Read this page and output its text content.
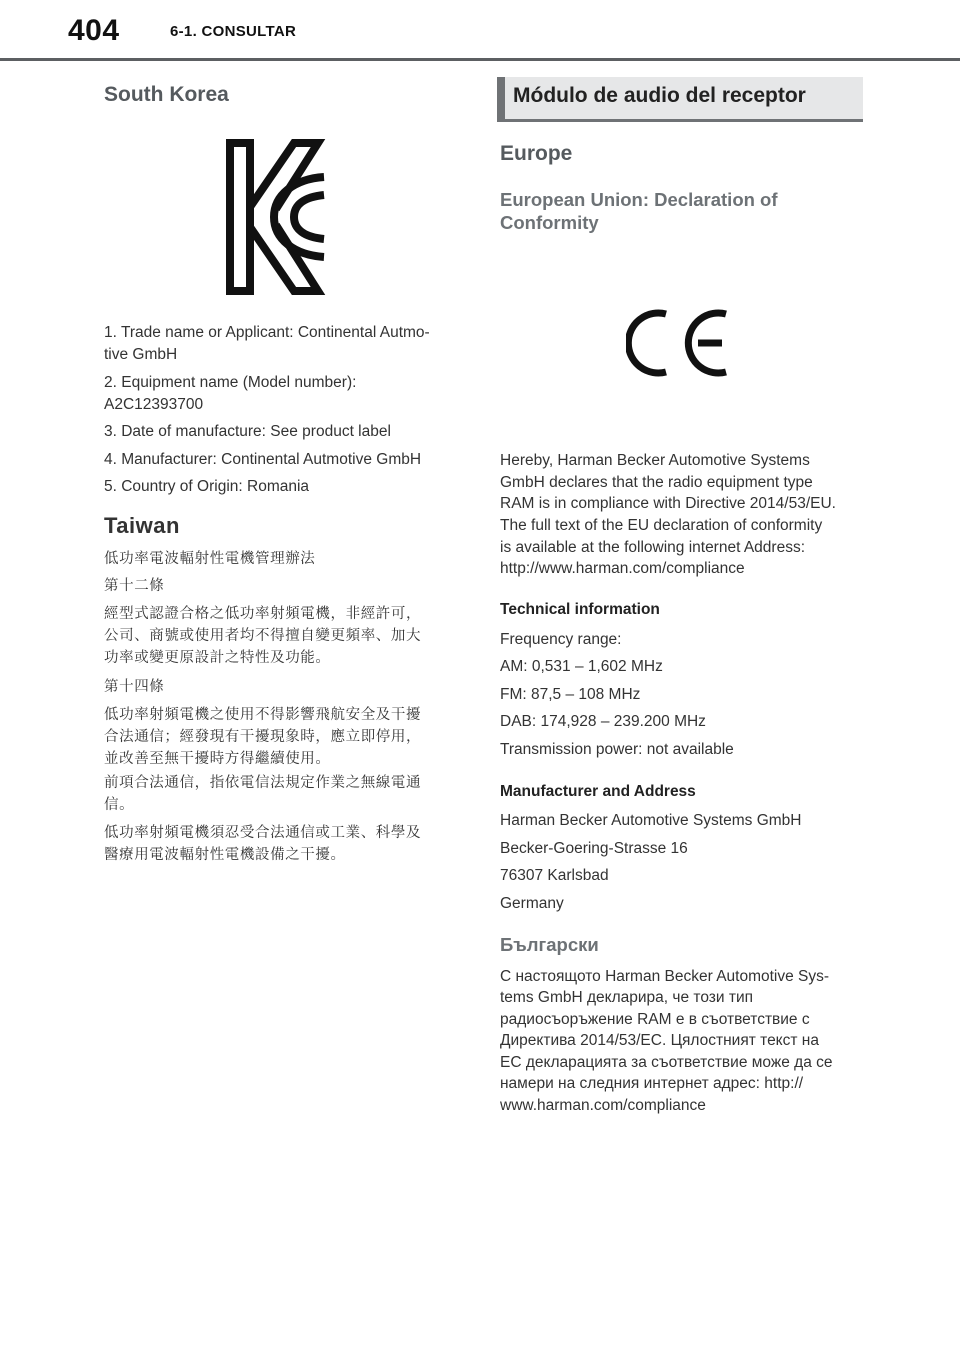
404	6-1. CONSULTAR
South Korea

1. Trade name or Applicant: Continental Autmo-

tive GmbH

2. Equipment name (Model number):

A2C12393700

3. Date of manufacture: See product label

4. Manufacturer: Continental Autmotive GmbH

5. Country of Origin: Romania

Taiwan

低功率電波輻射性電機管理辦法

第十二條

經型式認證合格之低功率射頻電機，非經許可，

公司、商號或使用者均不得擅自變更頻率、加大

功率或變更原設計之特性及功能。

第十四條

低功率射頻電機之使用不得影響飛航安全及干擾

合法通信；經發現有干擾現象時，應立即停用，

並改善至無干擾時方得繼續使用。

前項合法通信，指依電信法規定作業之無線電通

信。

低功率射頻電機須忍受合法通信或工業、科學及

醫療用電波輻射性電機設備之干擾。

Módulo de audio del receptor
Europe
European Union: Declaration of
Conformity

Hereby, Harman Becker Automotive Systems

GmbH declares that the radio equipment type

RAM is in compliance with Directive 2014/53/EU.

The full text of the EU declaration of conformity

is available at the following internet Address:

http://www.harman.com/compliance

Technical information

Frequency range:

AM: 0,531 – 1,602 MHz

FM: 87,5 – 108 MHz

DAB: 174,928 – 239.200 MHz

Transmission power: not available

Manufacturer and Address

Harman Becker Automotive Systems GmbH

Becker-Goering-Strasse 16

76307 Karlsbad

Germany

Български

С настоящото Harman Becker Automotive Sys-

tems GmbH декларира, че този тип

радиосъоръжение RAM е в съответствие с

Директива 2014/53/ЕС. Цялостният текст на

ЕС декларацията за съответствие може да се

намери на следния интернет адрес: http://

www.harman.com/compliance
